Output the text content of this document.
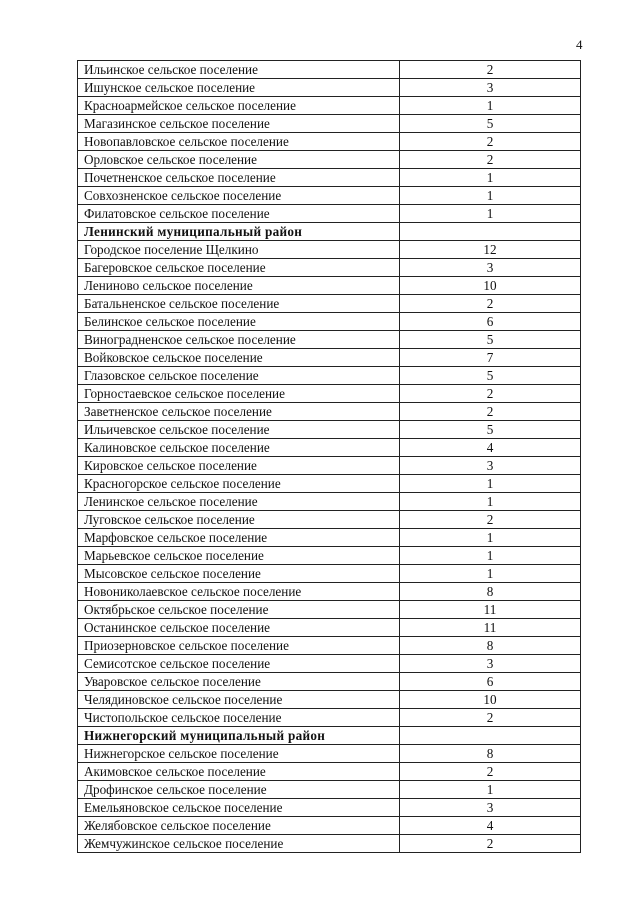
4
Ильинское сельское поселение	2
Ишунское сельское поселение	3
Красноармейское сельское поселение	1
Магазинское сельское поселение	5
Новопавловское сельское поселение	2
Орловское сельское поселение	2
Почетненское сельское поселение	1
Совхозненское сельское поселение	1
Филатовское сельское поселение	1
Ленинский муниципальный район	
Городское поселение Щелкино	12
Багеровское сельское поселение	3
Лениново сельское поселение	10
Батальненское сельское поселение	2
Белинское сельское поселение	6
Виноградненское сельское поселение	5
Войковское сельское поселение	7
Глазовское сельское поселение	5
Горностаевское сельское поселение	2
Заветненское сельское поселение	2
Ильичевское сельское поселение	5
Калиновское сельское поселение	4
Кировское сельское поселение	3
Красногорское сельское поселение	1
Ленинское сельское поселение	1
Луговское сельское поселение	2
Марфовское сельское поселение	1
Марьевское сельское поселение	1
Мысовское сельское поселение	1
Новониколаевское сельское поселение	8
Октябрьское сельское поселение	11
Останинское сельское поселение	11
Приозерновское сельское поселение	8
Семисотское сельское поселение	3
Уваровское сельское поселение	6
Челядиновское сельское поселение	10
Чистопольское сельское поселение	2
Нижнегорский муниципальный район	
Нижнегорское сельское поселение	8
Акимовское сельское поселение	2
Дрофинское сельское поселение	1
Емельяновское сельское поселение	3
Желябовское сельское поселение	4
Жемчужинское сельское поселение	2
